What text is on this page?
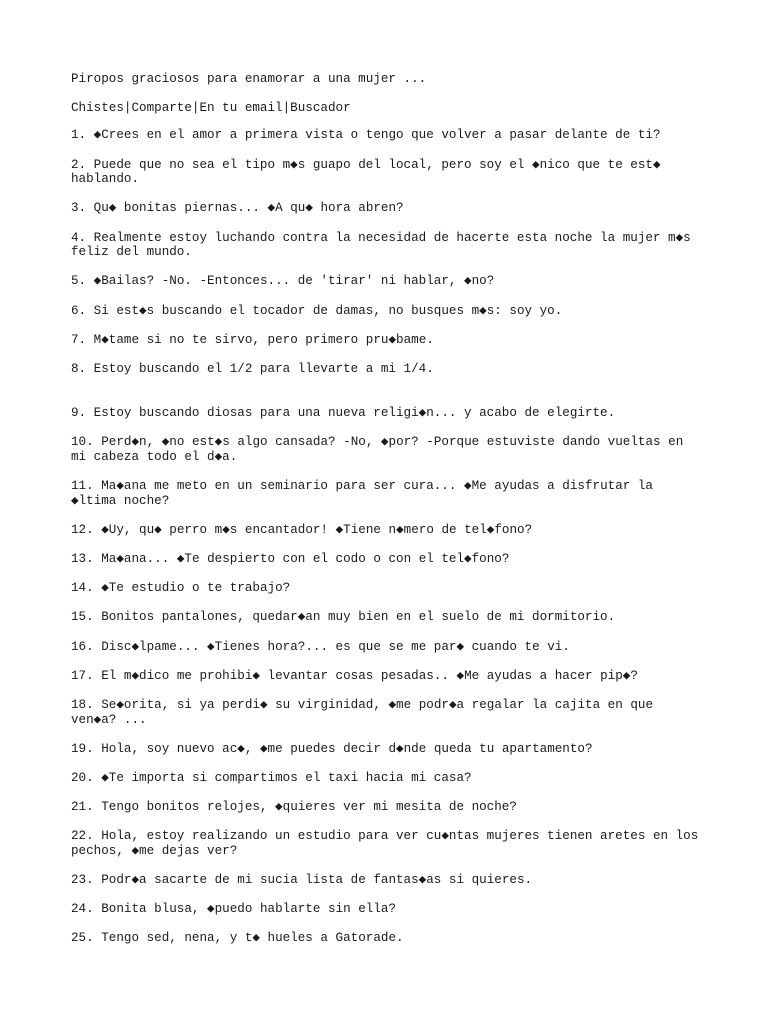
Piropos graciosos para enamorar a una mujer ...

Chistes|Comparte|En tu email|Buscador

1. ◆Crees en el amor a primera vista o tengo que volver a pasar delante de ti?

2. Puede que no sea el tipo m◆s guapo del local, pero soy el ◆nico que te est◆
hablando.

3. Qu◆ bonitas piernas... ◆A qu◆ hora abren?

4. Realmente estoy luchando contra la necesidad de hacerte esta noche la mujer m◆s
feliz del mundo.

5. ◆Bailas? -No. -Entonces... de 'tirar' ni hablar, ◆no?

6. Si est◆s buscando el tocador de damas, no busques m◆s: soy yo.

7. M◆tame si no te sirvo, pero primero pru◆bame.

8. Estoy buscando el 1/2 para llevarte a mi 1/4.

9. Estoy buscando diosas para una nueva religi◆n... y acabo de elegirte.

10. Perd◆n, ◆no est◆s algo cansada? -No, ◆por? -Porque estuviste dando vueltas en
mi cabeza todo el d◆a.

11. Ma◆ana me meto en un seminario para ser cura... ◆Me ayudas a disfrutar la
◆ltima noche?

12. ◆Uy, qu◆ perro m◆s encantador! ◆Tiene n◆mero de tel◆fono?

13. Ma◆ana... ◆Te despierto con el codo o con el tel◆fono?

14. ◆Te estudio o te trabajo?

15. Bonitos pantalones, quedar◆an muy bien en el suelo de mi dormitorio.

16. Disc◆lpame... ◆Tienes hora?... es que se me par◆ cuando te vi.

17. El m◆dico me prohibi◆ levantar cosas pesadas.. ◆Me ayudas a hacer pip◆?

18. Se◆orita, si ya perdi◆ su virginidad, ◆me podr◆a regalar la cajita en que
ven◆a? ...

19. Hola, soy nuevo ac◆, ◆me puedes decir d◆nde queda tu apartamento?

20. ◆Te importa si compartimos el taxi hacia mi casa?

21. Tengo bonitos relojes, ◆quieres ver mi mesita de noche?

22. Hola, estoy realizando un estudio para ver cu◆ntas mujeres tienen aretes en los
pechos, ◆me dejas ver?

23. Podr◆a sacarte de mi sucia lista de fantas◆as si quieres.

24. Bonita blusa, ◆puedo hablarte sin ella?

25. Tengo sed, nena, y t◆ hueles a Gatorade.
